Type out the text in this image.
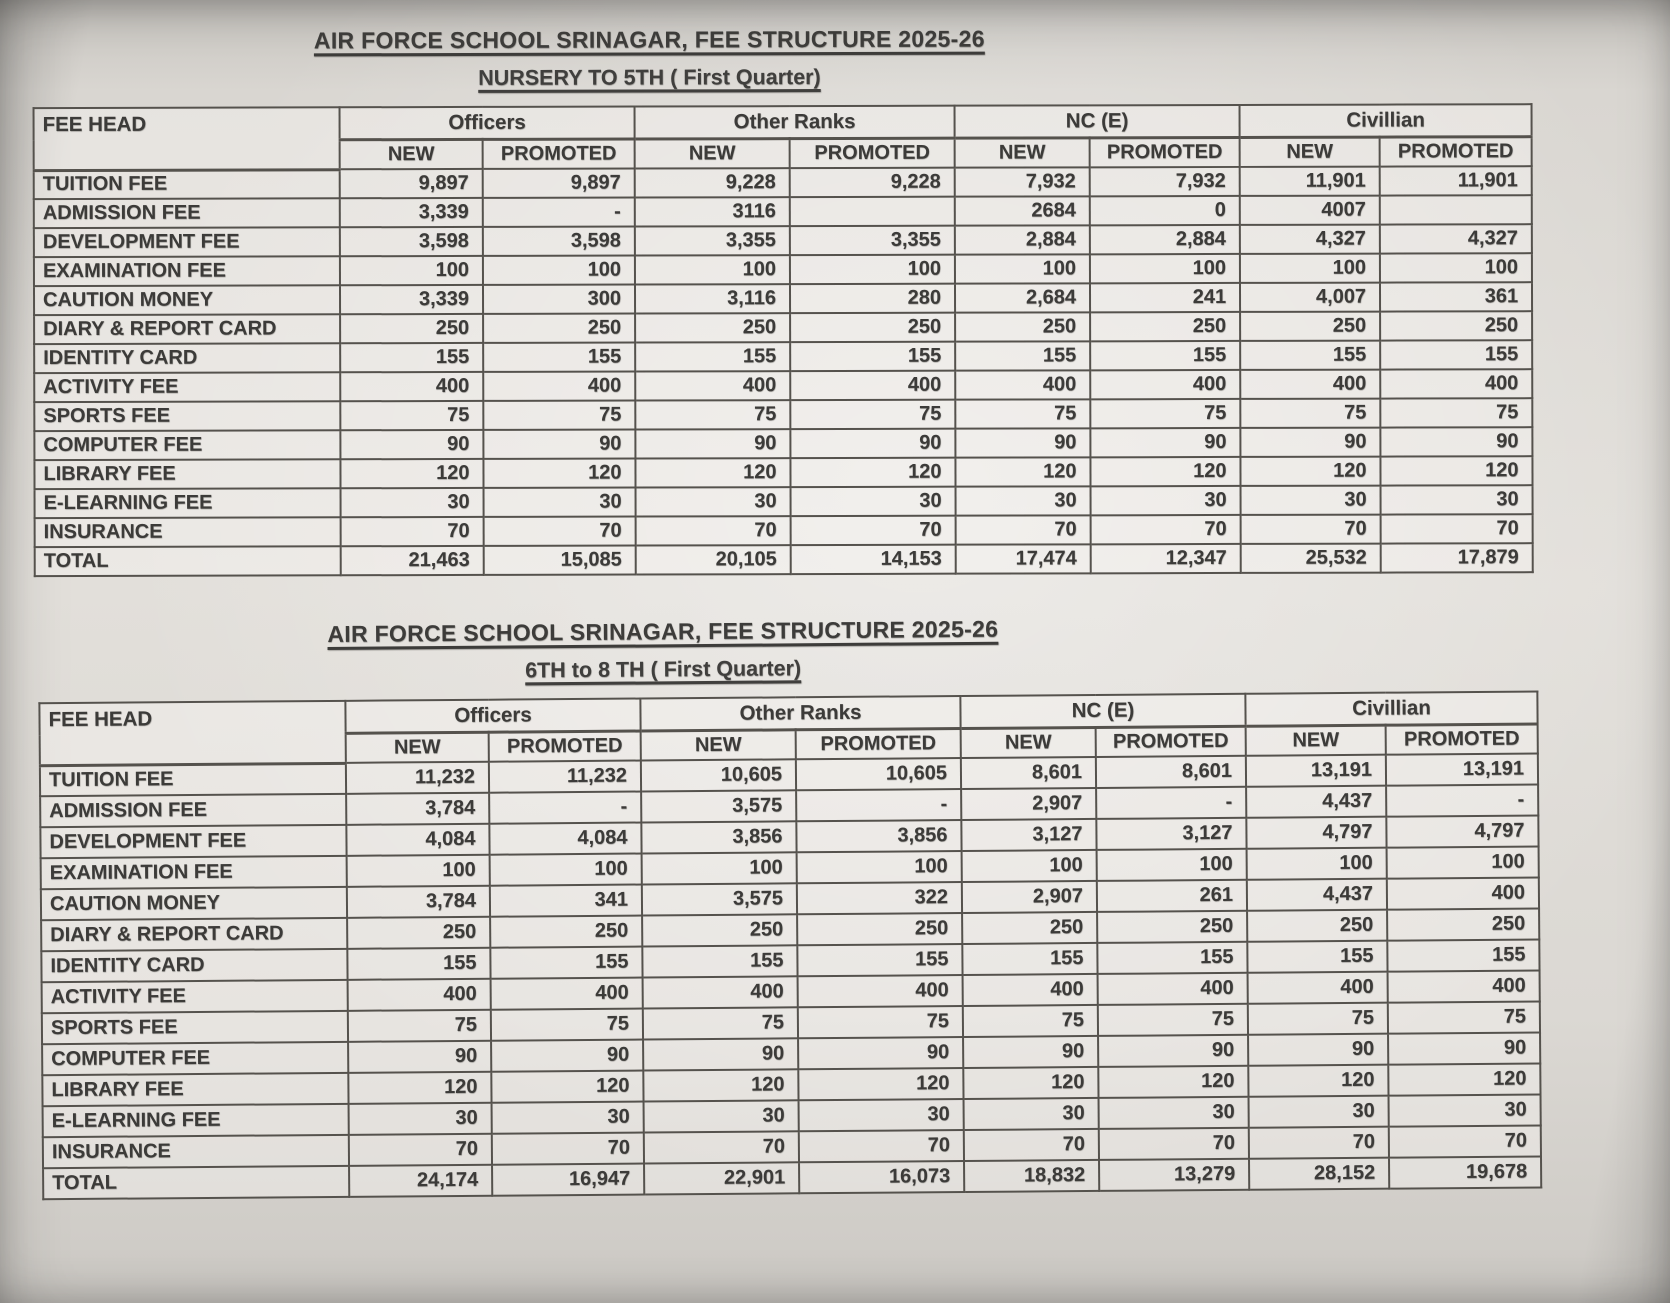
AIR FORCE SCHOOL SRINAGAR, FEE STRUCTURE 2025-26
NURSERY TO 5TH ( First Quarter)
FEE HEAD	Officers		Other Ranks		NC (E)		Civillian	
	NEW	PROMOTED	NEW	PROMOTED	NEW	PROMOTED	NEW	PROMOTED
TUITION FEE	9,897	9,897	9,228	9,228	7,932	7,932	11,901	11,901
ADMISSION FEE	3,339	-	3116		2684	0	4007	
DEVELOPMENT FEE	3,598	3,598	3,355	3,355	2,884	2,884	4,327	4,327
EXAMINATION FEE	100	100	100	100	100	100	100	100
CAUTION MONEY	3,339	300	3,116	280	2,684	241	4,007	361
DIARY & REPORT CARD	250	250	250	250	250	250	250	250
IDENTITY CARD	155	155	155	155	155	155	155	155
ACTIVITY FEE	400	400	400	400	400	400	400	400
SPORTS FEE	75	75	75	75	75	75	75	75
COMPUTER FEE	90	90	90	90	90	90	90	90
LIBRARY FEE	120	120	120	120	120	120	120	120
E-LEARNING FEE	30	30	30	30	30	30	30	30
INSURANCE	70	70	70	70	70	70	70	70
TOTAL	21,463	15,085	20,105	14,153	17,474	12,347	25,532	17,879
AIR FORCE SCHOOL SRINAGAR, FEE STRUCTURE 2025-26
6TH to 8 TH ( First Quarter)
FEE HEAD	Officers		Other Ranks		NC (E)		Civillian	
	NEW	PROMOTED	NEW	PROMOTED	NEW	PROMOTED	NEW	PROMOTED
TUITION FEE	11,232	11,232	10,605	10,605	8,601	8,601	13,191	13,191
ADMISSION FEE	3,784	-	3,575	-	2,907	-	4,437	-
DEVELOPMENT FEE	4,084	4,084	3,856	3,856	3,127	3,127	4,797	4,797
EXAMINATION FEE	100	100	100	100	100	100	100	100
CAUTION MONEY	3,784	341	3,575	322	2,907	261	4,437	400
DIARY & REPORT CARD	250	250	250	250	250	250	250	250
IDENTITY CARD	155	155	155	155	155	155	155	155
ACTIVITY FEE	400	400	400	400	400	400	400	400
SPORTS FEE	75	75	75	75	75	75	75	75
COMPUTER FEE	90	90	90	90	90	90	90	90
LIBRARY FEE	120	120	120	120	120	120	120	120
E-LEARNING FEE	30	30	30	30	30	30	30	30
INSURANCE	70	70	70	70	70	70	70	70
TOTAL	24,174	16,947	22,901	16,073	18,832	13,279	28,152	19,678
